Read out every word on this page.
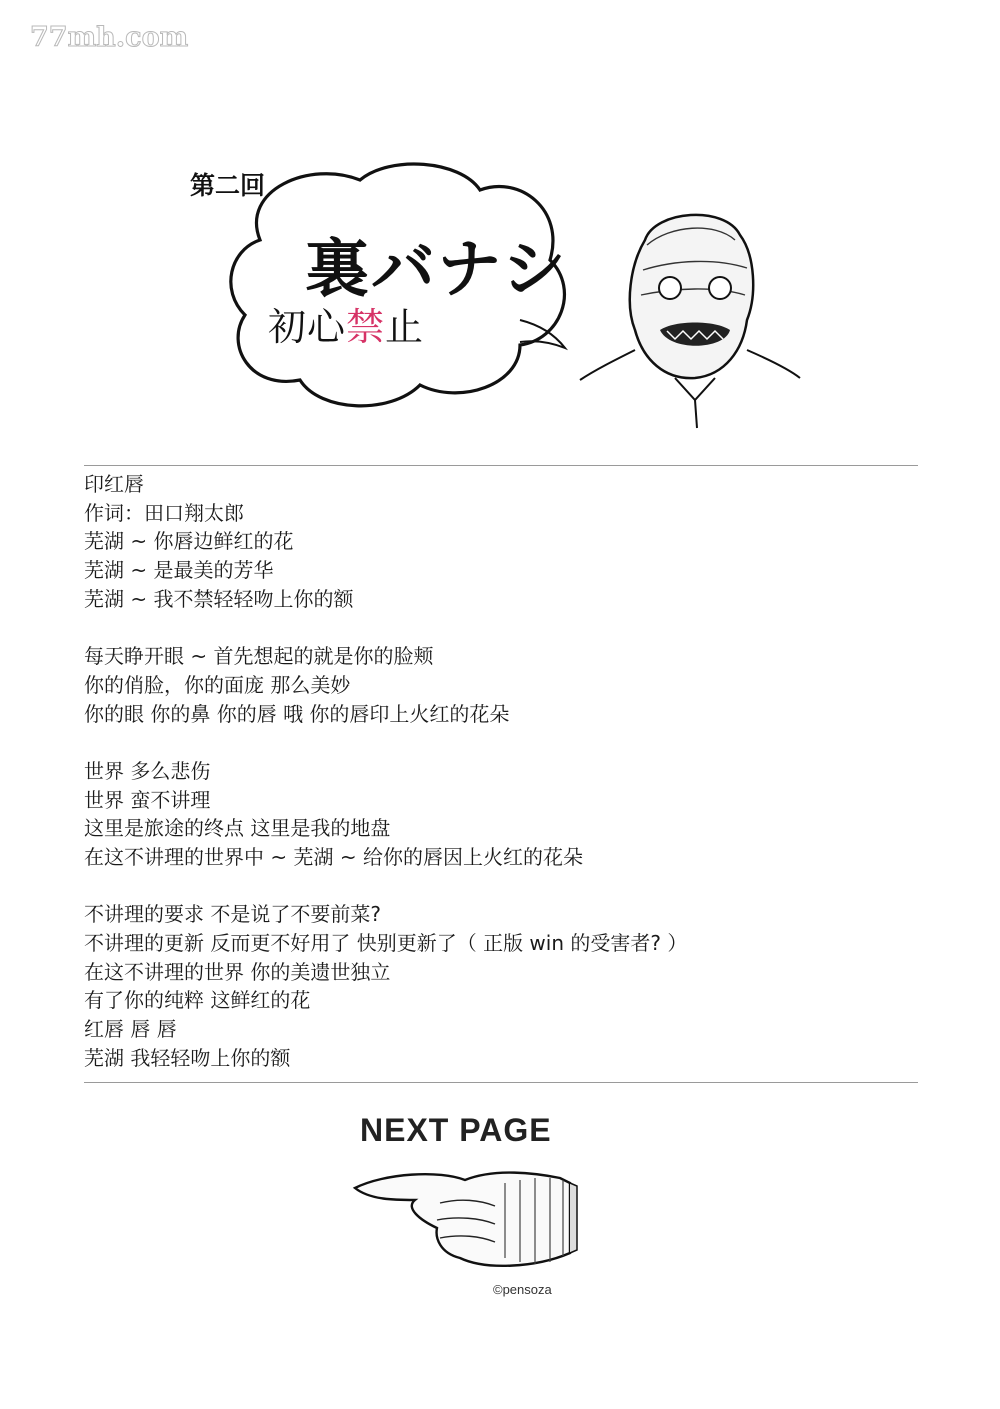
77mh.com
第二回
裏バナシ
初心禁止
印红唇
作词：田口翔太郎
芜湖 ~ 你唇边鲜红的花
芜湖 ~ 是最美的芳华
芜湖 ~ 我不禁轻轻吻上你的额
每天睁开眼 ~ 首先想起的就是你的脸颊
你的俏脸，你的面庞 那么美妙
你的眼 你的鼻 你的唇 哦 你的唇印上火红的花朵
世界 多么悲伤
世界 蛮不讲理
这里是旅途的终点 这里是我的地盘
在这不讲理的世界中 ~ 芜湖 ~ 给你的唇因上火红的花朵
不讲理的要求 不是说了不要前菜?
不讲理的更新 反而更不好用了 快别更新了（ 正版 win 的受害者? ）
在这不讲理的世界 你的美遗世独立
有了你的纯粹 这鲜红的花
红唇 唇 唇
芜湖 我轻轻吻上你的额
NEXT PAGE
©pensoza
